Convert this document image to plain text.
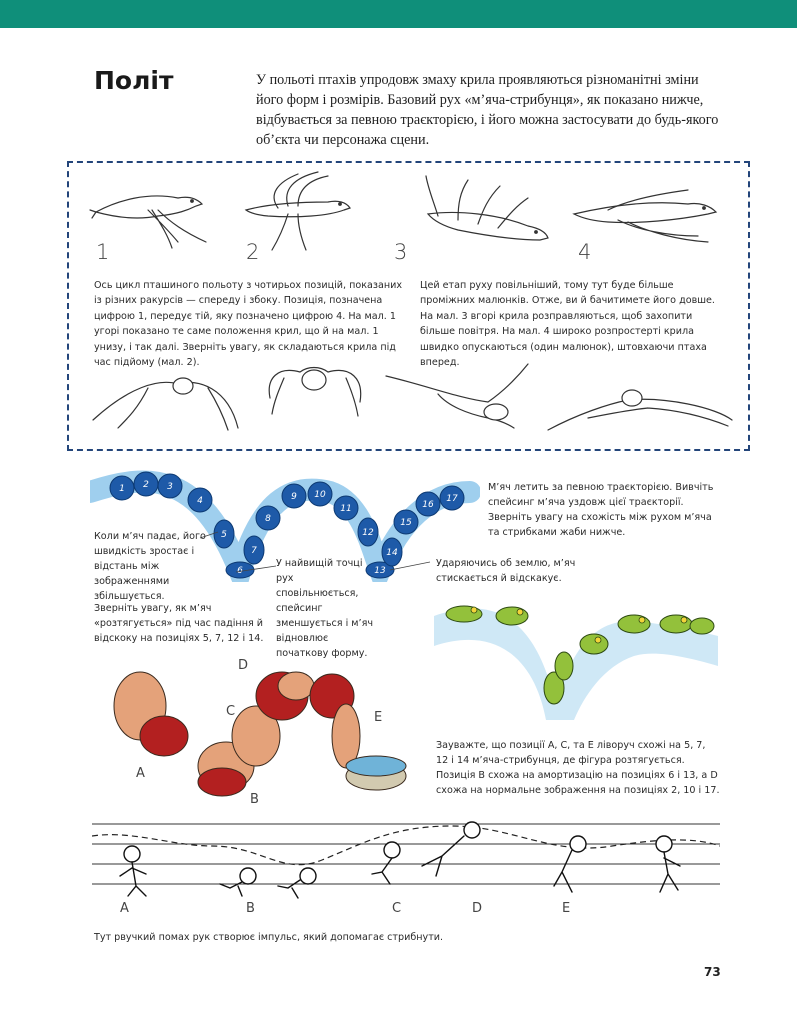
Політ	У польоті птахів упродовж змаху крила проявляються різноманітні зміни його форм і розмірів. Базовий рух «м’яча-стрибунця», як показано нижче, відбувається за певною траєкторією, і його можна застосувати до будь-якого об’єкта чи персонажа сцени.

1	2	3	4

Ось цикл пташиного польоту з чотирьох позицій, показаних із різних ракурсів — спереду і збоку. Позиція, позначена цифрою 1, передує тій, яку позначено цифрою 4. На мал. 1 угорі показано те саме положення крил, що й на мал. 1 унизу, і так далі. Зверніть увагу, як складаються крила під час підйому (мал. 2).

Цей етап руху повільніший, тому тут буде більше проміжних малюнків. Отже, ви й бачитимете його довше. На мал. 3 вгорі крила розправляються, щоб захопити більше повітря. На мал. 4 широко розпростерті крила швидко опускаються (один малюнок), штовхаючи птаха вперед.

1 2 3
4
5
6
7
8
9 10
11
12
13
14
15
16
17

М’яч летить за певною траєкторією. Вивчіть спейсинг м’яча уздовж цієї траєкторії. Зверніть увагу на схожість між рухом м’яча та стрибками жаби нижче.

Коли м’яч падає, його швидкість зростає і відстань між зображеннями збільшується.

Зверніть увагу, як м’яч «розтягується» під час падіння й відскоку на позиціях 5, 7, 12 і 14.

У найвищій точці рух сповільнюється, спейсинг зменшується і м’яч відновлює початкову форму.

Ударяючись об землю, м’яч стискається й відскакує.

A
B
C
D
E

Зауважте, що позиції A, C, та E ліворуч схожі на 5, 7, 12 і 14 м’яча-стрибунця, де фігура розтягується. Позиція B схожа на амортизацію на позиціях 6 і 13, а D схожа на нормальне зображення на позиціях 2, 10 і 17.

A	B	C	D	E

Тут рвучкий помах рук створює імпульс, який допомагає стрибнути.

73
